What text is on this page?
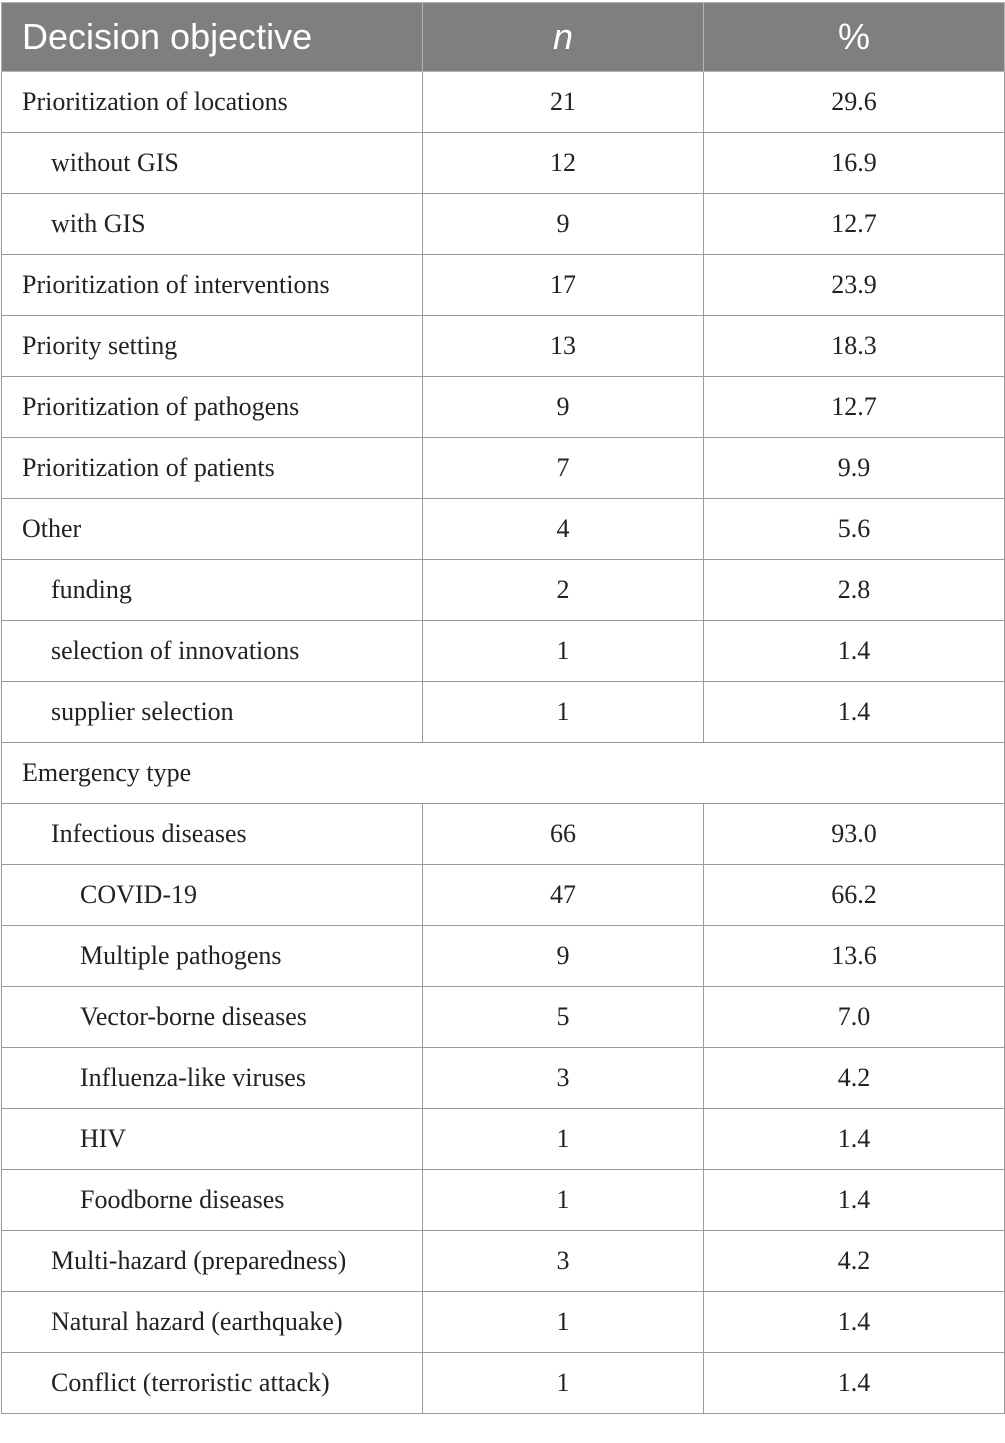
Decision objective	n	%
Prioritization of locations	21	29.6
without GIS	12	16.9
with GIS	9	12.7
Prioritization of interventions	17	23.9
Priority setting	13	18.3
Prioritization of pathogens	9	12.7
Prioritization of patients	7	9.9
Other	4	5.6
funding	2	2.8
selection of innovations	1	1.4
supplier selection	1	1.4
Emergency type		
Infectious diseases	66	93.0
COVID-19	47	66.2
Multiple pathogens	9	13.6
Vector-borne diseases	5	7.0
Influenza-like viruses	3	4.2
HIV	1	1.4
Foodborne diseases	1	1.4
Multi-hazard (preparedness)	3	4.2
Natural hazard (earthquake)	1	1.4
Conflict (terroristic attack)	1	1.4
